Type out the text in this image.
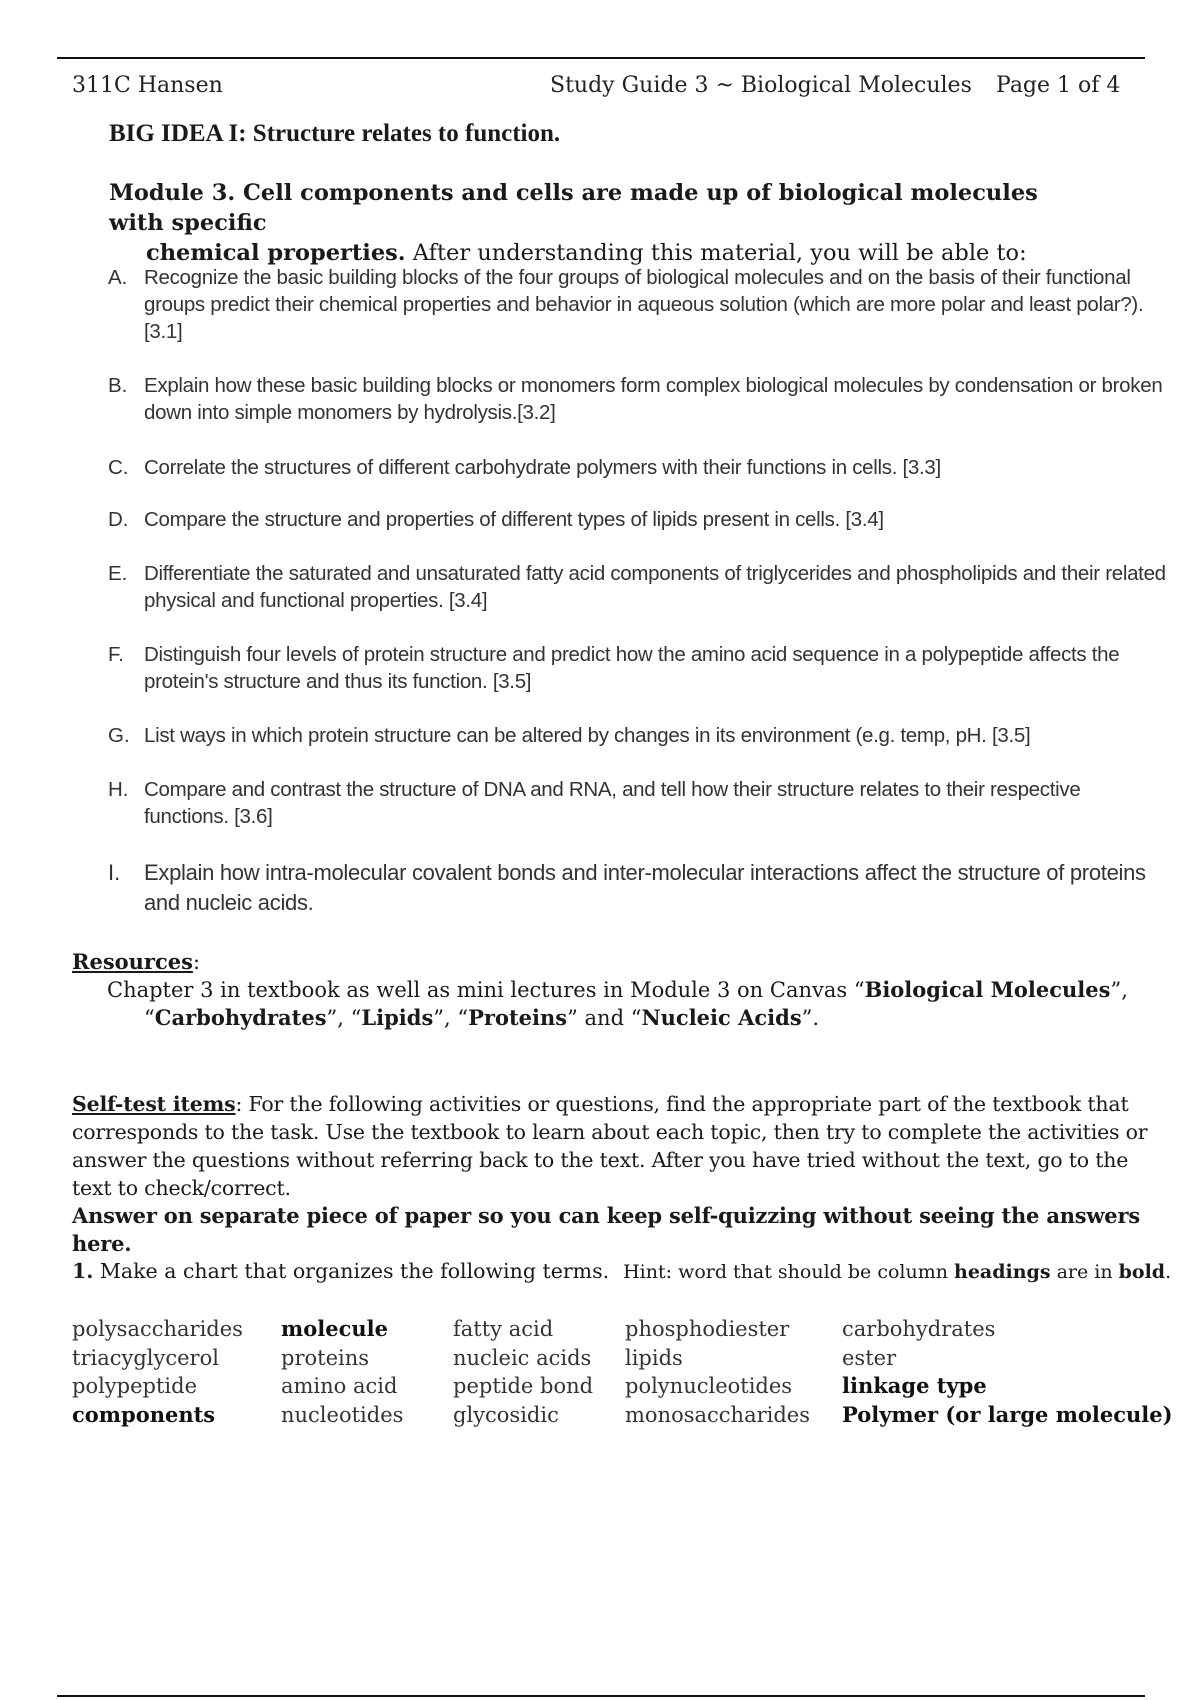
311C Hansen	Study Guide 3 ~ Biological Molecules Page 1 of 4
BIG IDEA I: Structure relates to function.
Module 3. Cell components and cells are made up of biological molecules with specific
chemical properties. After understanding this material, you will be able to:
A. Recognize the basic building blocks of the four groups of biological molecules and on the basis of their functional groups predict their chemical properties and behavior in aqueous solution (which are more polar and least polar?). [3.1]
B. Explain how these basic building blocks or monomers form complex biological molecules by condensation or broken down into simple monomers by hydrolysis.[3.2]
C. Correlate the structures of different carbohydrate polymers with their functions in cells. [3.3]
D. Compare the structure and properties of different types of lipids present in cells. [3.4]
E. Differentiate the saturated and unsaturated fatty acid components of triglycerides and phospholipids and their related physical and functional properties. [3.4]
F. Distinguish four levels of protein structure and predict how the amino acid sequence in a polypeptide affects the protein's structure and thus its function. [3.5]
G. List ways in which protein structure can be altered by changes in its environment (e.g. temp, pH. [3.5]
H. Compare and contrast the structure of DNA and RNA, and tell how their structure relates to their respective functions. [3.6]
I.	Explain how intra-molecular covalent bonds and inter-molecular interactions affect the structure of proteins and nucleic acids.
Resources:
Chapter 3 in textbook as well as mini lectures in Module 3 on Canvas “Biological Molecules”,
“Carbohydrates”, “Lipids”, “Proteins” and “Nucleic Acids”.
Self-test items: For the following activities or questions, find the appropriate part of the textbook that corresponds to the task. Use the textbook to learn about each topic, then try to complete the activities or answer the questions without referring back to the text. After you have tried without the text, go to the text to check/correct.
Answer on separate piece of paper so you can keep self-quizzing without seeing the answers here.
1. Make a chart that organizes the following terms. Hint: word that should be column headings are in bold.
polysaccharides
triacyglycerol
polypeptide
components
molecule
proteins
amino acid
nucleotides
fatty acid
nucleic acids
peptide bond
glycosidic
phosphodiester
lipids
polynucleotides
monosaccharides
carbohydrates
ester
linkage type
Polymer (or large molecule)
